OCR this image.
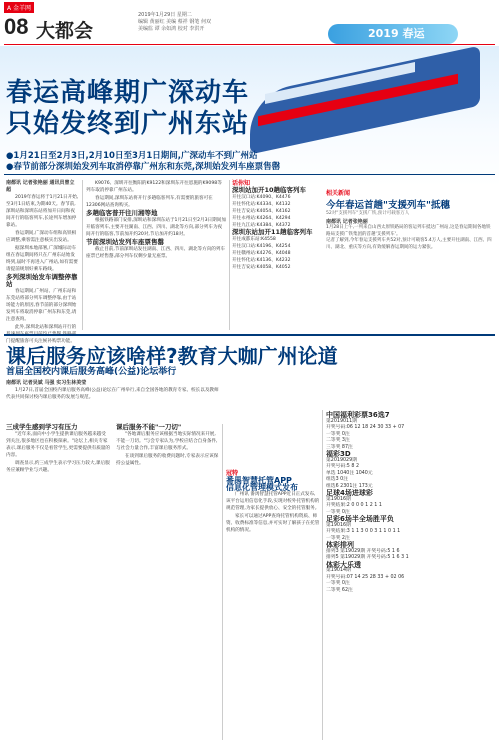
A 金羊网
08 大都会
2019年1月29日 星期二
编辑 黄丽红 美编 蔡祥 钢笔 何双
美编监 谭 余如鸿 校对 李洪开	2019 春运
春运高峰期广深动车
只始发终到广州东站
●1月21日至2月3日,2月10日至3月1日期间,广深动车不到广州站
●春节前部分深圳始发列车取消停靠广州东和东莞,深圳始发列车座票售罄
南都讯 记者张艳丽 通讯员曾立超

2019年春运将于1月21日开始,至3月1日结束,为期40天。春节前,深圳站和深圳东站将加开日间和夜间开行的临客列车,长途列车增加停靠站。

春运期间,广深动车组和高铁相应调整,乘客需注意核实出发站。

据深圳本地部署,广深城际动车组在春运期间将只在广州东站始发终到,届时不再进入广州站,如有需要请提前规划好乘车路线。

多列深圳始发车调整停靠站

春运期间,广州站、广州东站和东莞站将部分列车调整停靠,由于站场能力的原因,春节前的部分深圳始发列车将取消停靠广州东和东莞,请注意查询。

此外,深圳北站和深圳站开行的 门提醒旅客可关注候补购票功能。

K9076、深圳开往衡阳的K9122和深圳东开往恩施的K9098等列车取消停靠广州东站。

春运期间,深圳东站将开行多趟临客列车,有需要的旅客可在12306网站查询购买。

多趟临客普开往川湘等地

根据铁路部门安排,深圳站和深圳东站于1月21日至2月3日期间加开临客列车,主要开往湖南、江西、四川、湖北等方向,部分列车为夜间开行的临客,节前加开约20对,节后加开约18对。

节前深圳站发列车座票售罄

截止目前,节前深圳站发往湖南、江西、四川、湖北等方向的列车座票已经售罄,部分列车仅剩少量无座票。

话你知
深圳站加开10趟临客列车
开往汉口站:K4090、K4476
开往怀化站:K4334、K4132
开往吉安站:K4054、K4162
开往永州站:K4264、K4294
开往九江站:K4384、K4372
深圳东站加开11趟临客列车
开往成都东站:K4558
开往汉口站:K4196、K4254
开往赣州站:K4276、K4048
开往怀化站:K4136、K4232
开往吉安站:K4058、K4052
相关新闻
今年春运首趟"支援列车"抵穗
52对"支援列车"支援广铁,预计可载客万人
南都讯 记者张艳丽
1月28日上午,一列来自山西太原铁路局的客运列车抵达广州站,这是春运期间各地铁路局支援广铁集团的首趟'支援列车'。
记者了解到,今年春运支援列车共52对,预计可载客5.4万人,主要开往湖南、江西、四川、湖北、重庆等方向,有效缓解春运期间的运力紧张。
课后服务应该啥样?教育大咖广州论道
首届全国校内课后服务高峰(公益)论坛举行
南都讯 记者吴斌 马强 实习生林美莹

1月27日,首届全国校内课后服务高峰(公益)论坛在广州举行,来自全国各地的教育专家、校长以及教师代表共同探讨校内课后服务的发展与规范。

三成学生感到学习有压力

"近年来,面向中小学生提供课后服务越来越受到关注,很多地区也在积极探索。"论坛上,相关专家表示,课后服务不仅是看管学生,更需要提供有质量的内容。

调查显示,约三成学生表示学习压力较大,课后服务应兼顾学业与兴趣。

课后服务不能"一刀切"

"各地课后服务应该根据当地实际情况来开展,不能一刀切。"与会专家认为,学校应结合自身条件,与社会力量合作,丰富课后服务形式。

在谈到课后服务的收费问题时,专家表示应该保持公益属性。

冠特
番禺智慧托管APP
信息化管理模式发布

广州讯 番禺智慧托管APP近日正式发布,该平台运用信息化手段,实现对校外托管机构的规范管理,为家长提供放心、安全的托管服务。

家长可以通过APP查询托管机构资质、师资、收费标准等信息,并可实时了解孩子在托管机构的情况。

中国福利彩票36选7
第2019011期
开奖号码:06 12 18 24 30 33 + 07
一等奖 0注
二等奖 3注
三等奖 87注
福彩3D
第2019029期
开奖号码:5 8 2
单选 1040注 1040元
组选3 0注
组选6 2301注 173元
足球4场进球彩
第19016期
开奖结果:2 0 0 0 1 2 1 1
一等奖 0注
足彩6场半全场胜平负
第19016期
开奖结果:3 1 1 3 0 0 3 1 1 0 1 1
一等奖 2注
体彩排列
排列3 第19029期 开奖号码:5 1 6
排列5 第19029期 开奖号码:5 1 6 3 1
体彩大乐透
第19014期
开奖号码:07 14 25 28 33 + 02 06
一等奖 0注
二等奖 62注
